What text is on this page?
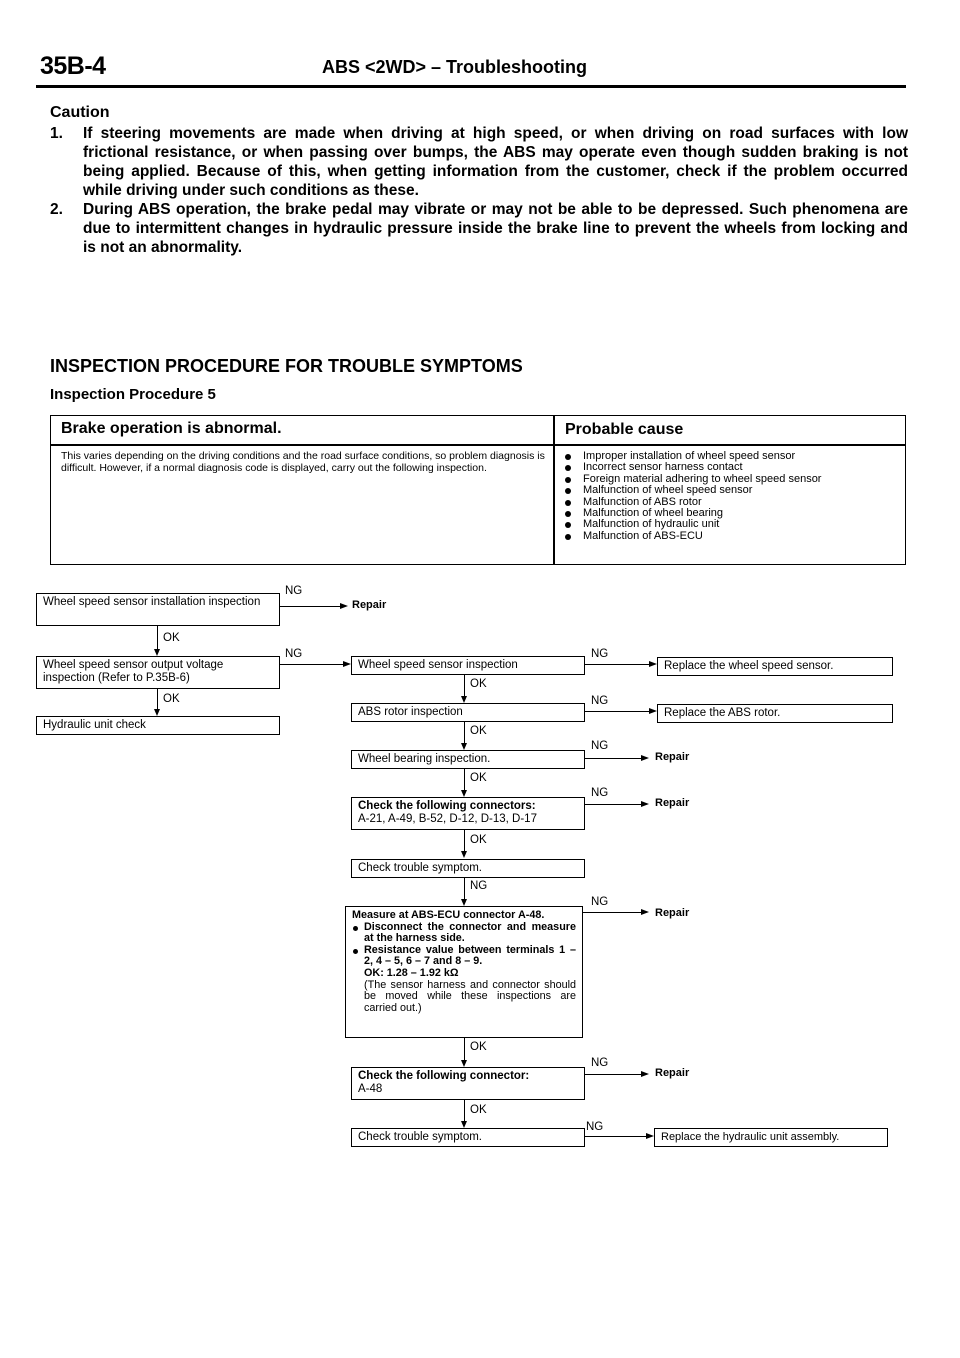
35B-4	ABS <2WD> – Troubleshooting
Caution
1. If steering movements are made when driving at high speed, or when driving on road surfaces with low frictional resistance, or when passing over bumps, the ABS may operate even though sudden braking is not being applied. Because of this, when getting information from the customer, check if the problem occurred while driving under such conditions as these.
2. During ABS operation, the brake pedal may vibrate or may not be able to be depressed. Such phenomena are due to intermittent changes in hydraulic pressure inside the brake line to prevent the wheels from locking and is not an abnormality.
INSPECTION PROCEDURE FOR TROUBLE SYMPTOMS
Inspection Procedure 5
Brake operation is abnormal.	Probable cause
This varies depending on the driving conditions and the road surface conditions, so problem diagnosis is difficult. However, if a normal diagnosis code is displayed, carry out the following inspection.
Improper installation of wheel speed sensor
Incorrect sensor harness contact
Foreign material adhering to wheel speed sensor
Malfunction of wheel speed sensor
Malfunction of ABS rotor
Malfunction of wheel bearing
Malfunction of hydraulic unit
Malfunction of ABS-ECU
Wheel speed sensor installation inspection
NG
Repair
OK
Wheel speed sensor output voltage inspection (Refer to P.35B-6)
NG
OK
Hydraulic unit check
Wheel speed sensor inspection
NG
Replace the wheel speed sensor.
OK
ABS rotor inspection
NG
Replace the ABS rotor.
OK
Wheel bearing inspection.
NG
Repair
OK
Check the following connectors:
A-21, A-49, B-52, D-12, D-13, D-17
NG
Repair
OK
Check trouble symptom.
NG
Measure at ABS-ECU connector A-48.
Disconnect the connector and measure at the harness side.
Resistance value between terminals 1 – 2, 4 – 5, 6 – 7 and 8 – 9.
OK: 1.28 – 1.92 kΩ
(The sensor harness and connector should be moved while these inspections are carried out.)
NG
Repair
OK
Check the following connector:
A-48
NG
Repair
OK
Check trouble symptom.
NG
Replace the hydraulic unit assembly.
